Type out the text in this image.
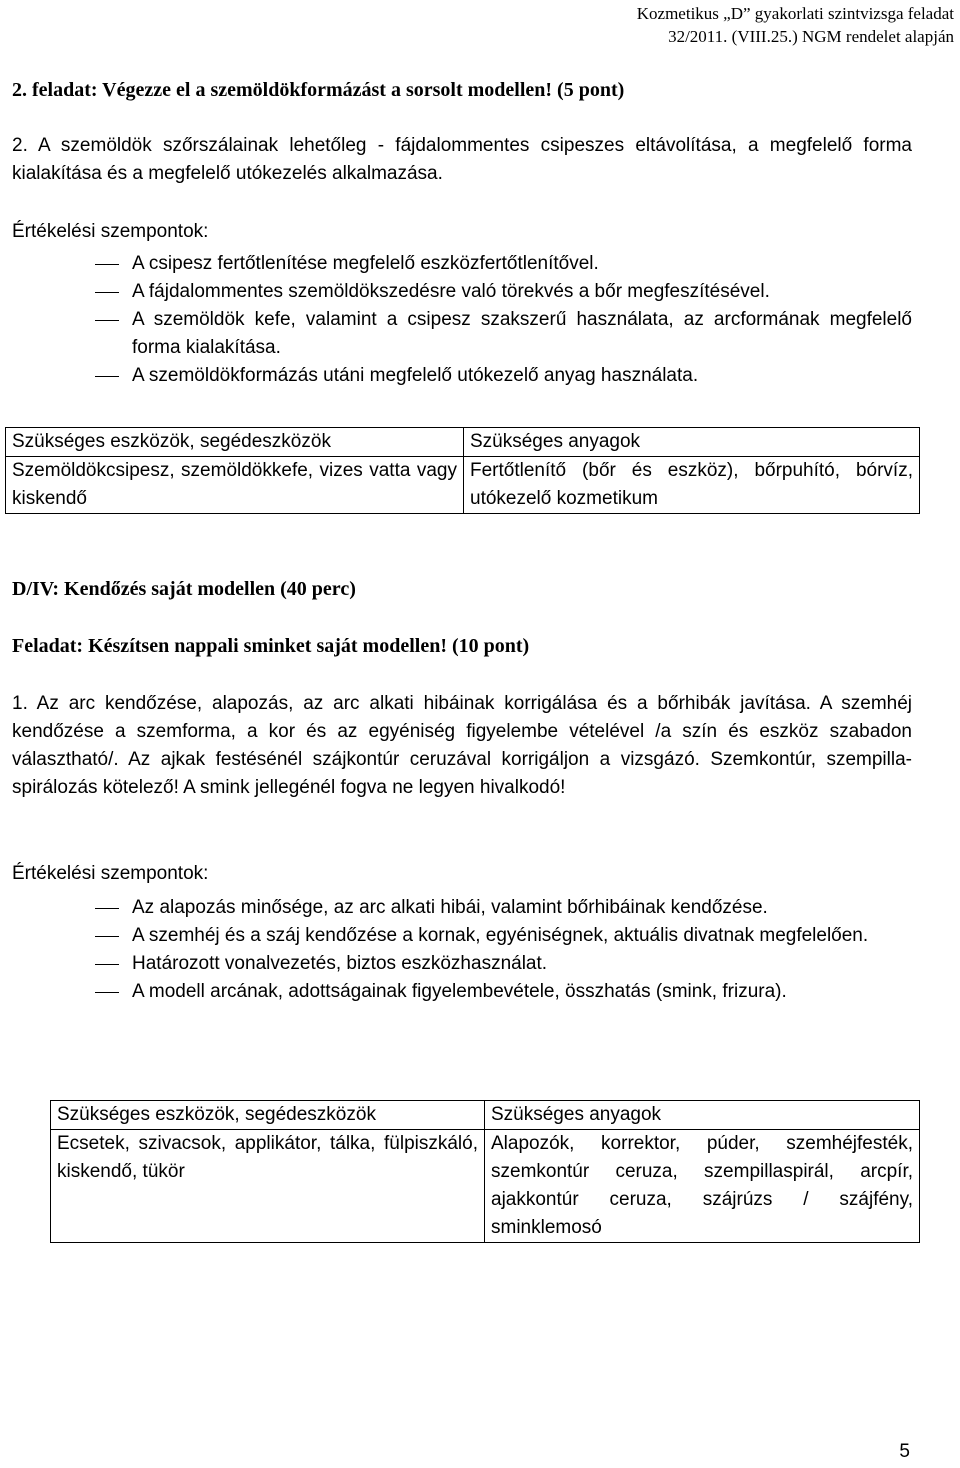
Kozmetikus „D” gyakorlati szintvizsga feladat
32/2011. (VIII.25.) NGM rendelet alapján
2. feladat: Végezze el a szemöldökformázást a sorsolt modellen! (5 pont)
2. A szemöldök szőrszálainak lehetőleg - fájdalommentes csipeszes eltávolítása, a megfelelő forma kialakítása és a megfelelő utókezelés alkalmazása.
Értékelési szempontok:
A csipesz fertőtlenítése megfelelő eszközfertőtlenítővel.
A fájdalommentes szemöldökszedésre való törekvés a bőr megfeszítésével.
A szemöldök kefe, valamint a csipesz szakszerű használata, az arcformának megfelelő forma kialakítása.
A szemöldökformázás utáni megfelelő utókezelő anyag használata.
Szükséges eszközök, segédeszközök	Szükséges anyagok
Szemöldökcsipesz, szemöldökkefe, vizes vatta vagy kiskendő	Fertőtlenítő (bőr és eszköz), bőrpuhító, bórvíz, utókezelő kozmetikum
D/IV: Kendőzés saját modellen (40 perc)
Feladat: Készítsen nappali sminket saját modellen! (10 pont)
1. Az arc kendőzése, alapozás, az arc alkati hibáinak korrigálása és a bőrhibák javítása. A szemhéj kendőzése a szemforma, a kor és az egyéniség figyelembe vételével /a szín és eszköz szabadon választható/. Az ajkak festésénél szájkontúr ceruzával korrigáljon a vizsgázó. Szemkontúr, szempilla-spirálozás kötelező! A smink jellegénél fogva ne legyen hivalkodó!
Értékelési szempontok:
Az alapozás minősége, az arc alkati hibái, valamint bőrhibáinak kendőzése.
A szemhéj és a száj kendőzése a kornak, egyéniségnek, aktuális divatnak megfelelően.
Határozott vonalvezetés, biztos eszközhasználat.
A modell arcának, adottságainak figyelembevétele, összhatás (smink, frizura).
Szükséges eszközök, segédeszközök	Szükséges anyagok
Ecsetek, szivacsok, applikátor, tálka, fülpiszkáló, kiskendő, tükör	Alapozók, korrektor, púder, szemhéjfesték, szemkontúr ceruza, szempillaspirál, arcpír, ajakkontúr ceruza, szájrúzs / szájfény, sminklemosó
5
